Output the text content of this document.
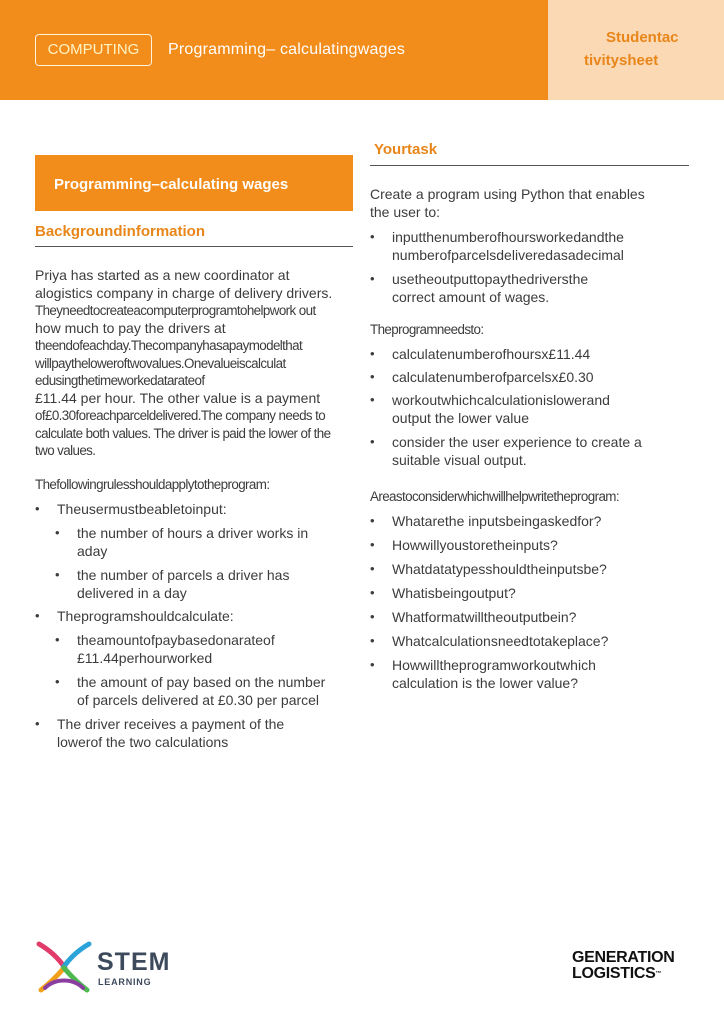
COMPUTING	Programming– calculatingwages
Studentac
tivitysheet
Programming–calculating wages
Backgroundinformation
Priya has started as a new coordinator at
alogistics company in charge of delivery drivers.
Theyneedtocreateacomputerprogramtohelpwork out
how much to pay the drivers at
theendofeachday.Thecompanyhasapaymodelthat
willpaythelowerоftwovalues.Onevalueiscalculat
edusingthetimeworkedatarateof
£11.44 per hour. The other value is a payment
of£0.30foreachparceldelivered.The company needs to
calculate both values. The driver is paid the lower of the
two values.
Thefollowingrulesshouldapplytotheprogram:
• Theusermustbeabletoinput:
• the number of hours a driver works in
aday
• the number of parcels a driver has
delivered in a day
• Theprogramshouldcalculate:
• theamountofpaybasedonarateof
£11.44perhourworked
• the amount of pay based on the number
of parcels delivered at £0.30 per parcel
• The driver receives a payment of the
lowerof the two calculations
Yourtask
Create a program using Python that enables
the user to:
• inputthenumberofhoursworkedandthe
numberofparcelsdeliveredasadecimal
• usetheoutputtopaythedriversthe
correct amount of wages.
Theprogramneedsto:
• calculatenumberofhoursx£11.44
• calculatenumberofparcelsx£0.30
• workoutwhichcalculationislowerand
output the lower value
• consider the user experience to create a
suitable visual output.
Areastoconsiderwhichwillhelpwritetheprogram:
• Whatarethe inputsbeingaskedfor?
• Howwillyoustoretheinputs?
• Whatdatatypesshouldtheinputsbe?
• Whatisbeingoutput?
• Whatformatwilltheoutputbein?
• Whatcalculationsneedtotakeplace?
• Howwilltheprogramworkoutwhich
calculation is the lower value?
STEM
LEARNING
GENERATION
LOGISTICS™
